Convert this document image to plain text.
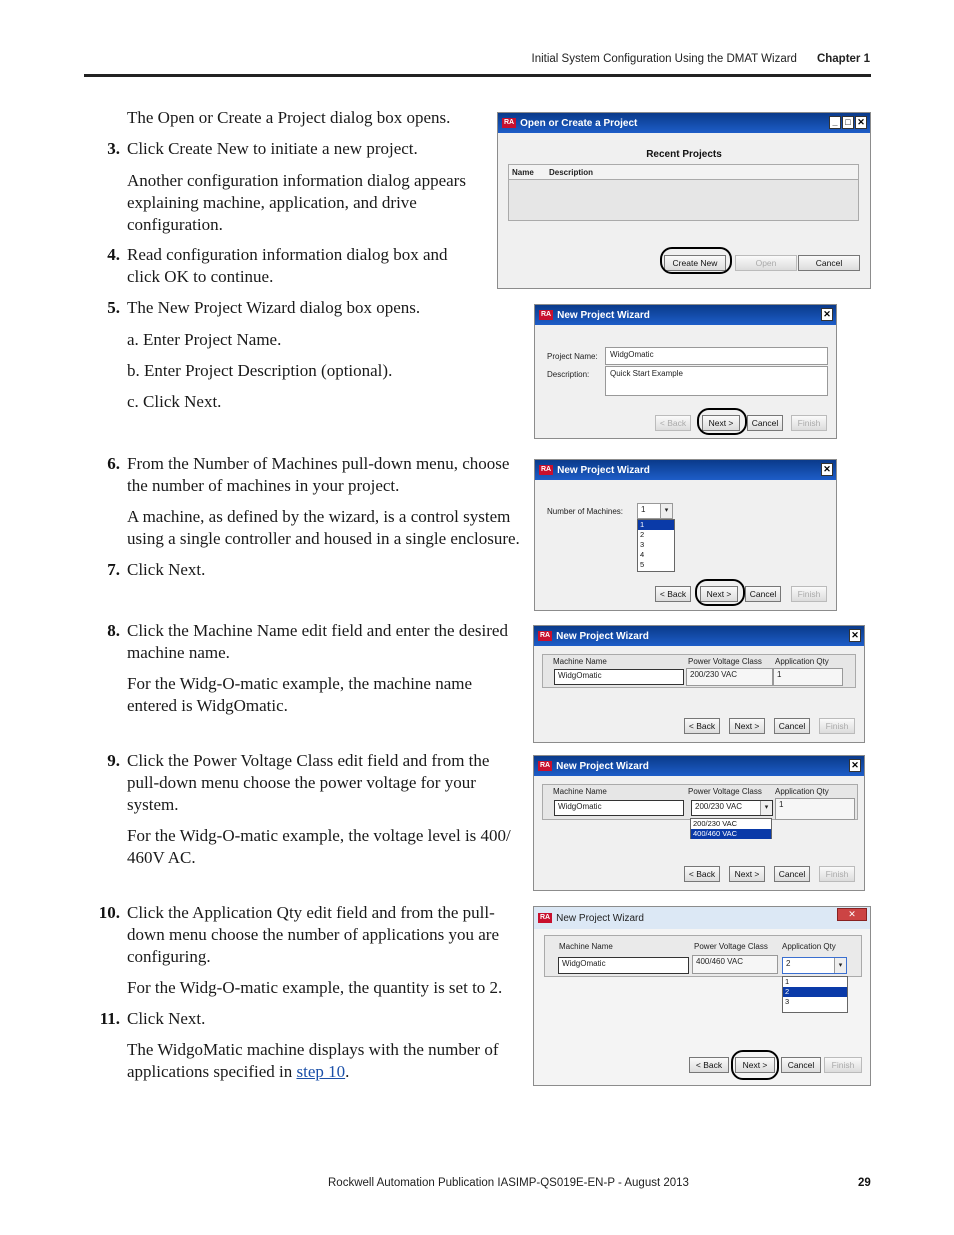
Initial System Configuration Using the DMAT Wizard Chapter 1
The Open or Create a Project dialog box opens.
3. Click Create New to initiate a new project.
Another configuration information dialog appears
explaining machine, application, and drive
configuration.
4. Read configuration information dialog box and
click OK to continue.
5. The New Project Wizard dialog box opens.
a. Enter Project Name.
b. Enter Project Description (optional).
c. Click Next.
6. From the Number of Machines pull-down menu, choose
the number of machines in your project.
A machine, as defined by the wizard, is a control system
using a single controller and housed in a single enclosure.
7. Click Next.
8. Click the Machine Name edit field and enter the desired
machine name.
For the Widg-O-matic example, the machine name
entered is WidgOmatic.
9. Click the Power Voltage Class edit field and from the
pull-down menu choose the power voltage for your
system.
For the Widg-O-matic example, the voltage level is 400/
460V AC.
10. Click the Application Qty edit field and from the pull-
down menu choose the number of applications you are
configuring.
For the Widg-O-matic example, the quantity is set to 2.
11. Click Next.
The WidgoMatic machine displays with the number of
applications specified in step 10.
RA Open or Create a Project	_ □ ✕
Recent Projects
Name Description
Create New	Open	Cancel
RA New Project Wizard	✕
Project Name:	WidgOmatic
Description:	Quick Start Example
< Back	Next >	Cancel	Finish
RA New Project Wizard	✕
Number of Machines:	1	▾
1
2
3
4
5
< Back	Next >	Cancel	Finish
RA New Project Wizard	✕
Machine Name	Power Voltage Class Application Qty
WidgOmatic	200/230 VAC	1
< Back	Next >	Cancel	Finish
RA New Project Wizard	✕
Machine Name	Power Voltage Class Application Qty
WidgOmatic	200/230 VAC	▾	1
200/230 VAC
400/460 VAC
< Back	Next >	Cancel	Finish
RA New Project Wizard	✕
Machine Name	Power Voltage Class Application Qty
WidgOmatic	400/460 VAC	2	▾
1
2
3
< Back	Next >	Cancel	Finish
Rockwell Automation Publication IASIMP-QS019E-EN-P - August 2013	29
